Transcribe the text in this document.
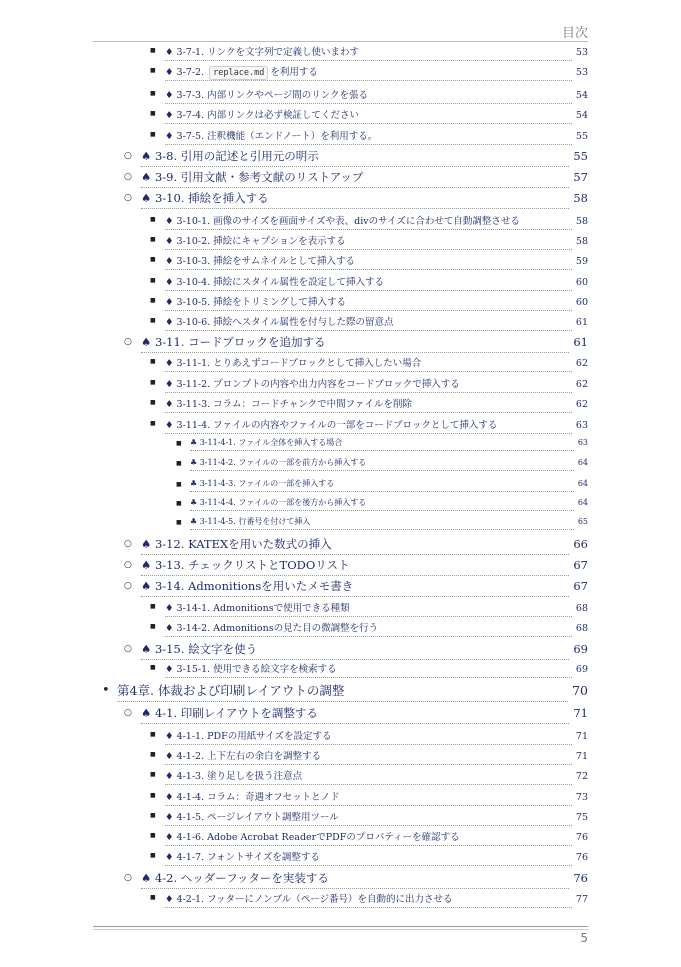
目次
■ ♦ 3-7-1. リンクを文字列で定義し使いまわす	53
■ ♦ 3-7-2. replace.md を利用する	53
■ ♦ 3-7-3. 内部リンクやページ間のリンクを張る	54
■ ♦ 3-7-4. 内部リンクは必ず検証してください	54
■ ♦ 3-7-5. 注釈機能（エンドノート）を利用する。	55
○ ♠ 3-8. 引用の記述と引用元の明示	55
○ ♠ 3-9. 引用文献・参考文献のリストアップ	57
○ ♠ 3-10. 挿絵を挿入する	58
■ ♦ 3-10-1. 画像のサイズを画面サイズや表、divのサイズに合わせて自動調整させる	58
■ ♦ 3-10-2. 挿絵にキャプションを表示する	58
■ ♦ 3-10-3. 挿絵をサムネイルとして挿入する	59
■ ♦ 3-10-4. 挿絵にスタイル属性を設定して挿入する	60
■ ♦ 3-10-5. 挿絵をトリミングして挿入する	60
■ ♦ 3-10-6. 挿絵へスタイル属性を付与した際の留意点	61
○ ♠ 3-11. コードブロックを追加する	61
■ ♦ 3-11-1. とりあえずコードブロックとして挿入したい場合	62
■ ♦ 3-11-2. プロンプトの内容や出力内容をコードブロックで挿入する	62
■ ♦ 3-11-3. コラム：コードチャンクで中間ファイルを削除	62
■ ♦ 3-11-4. ファイルの内容やファイルの一部をコードブロックとして挿入する	63
■ ♣ 3-11-4-1. ファイル全体を挿入する場合	63
■ ♣ 3-11-4-2. ファイルの一部を前方から挿入する	64
■ ♣ 3-11-4-3. ファイルの一部を挿入する	64
■ ♣ 3-11-4-4. ファイルの一部を後方から挿入する	64
■ ♣ 3-11-4-5. 行番号を付けて挿入	65
○ ♠ 3-12. KATEXを用いた数式の挿入	66
○ ♠ 3-13. チェックリストとTODOリスト	67
○ ♠ 3-14. Admonitionsを用いたメモ書き	67
■ ♦ 3-14-1. Admonitionsで使用できる種類	68
■ ♦ 3-14-2. Admonitionsの見た目の微調整を行う	68
○ ♠ 3-15. 絵文字を使う	69
■ ♦ 3-15-1. 使用できる絵文字を検索する	69
• 第4章. 体裁および印刷レイアウトの調整	70
○ ♠ 4-1. 印刷レイアウトを調整する	71
■ ♦ 4-1-1. PDFの用紙サイズを設定する	71
■ ♦ 4-1-2. 上下左右の余白を調整する	71
■ ♦ 4-1-3. 塗り足しを扱う注意点	72
■ ♦ 4-1-4. コラム：奇遇オフセットとノド	73
■ ♦ 4-1-5. ページレイアウト調整用ツール	75
■ ♦ 4-1-6. Adobe Acrobat ReaderでPDFのプロパティーを確認する	76
■ ♦ 4-1-7. フォントサイズを調整する	76
○ ♠ 4-2. ヘッダーフッターを実装する	76
■ ♦ 4-2-1. フッターにノンブル（ページ番号）を自動的に出力させる	77
5
